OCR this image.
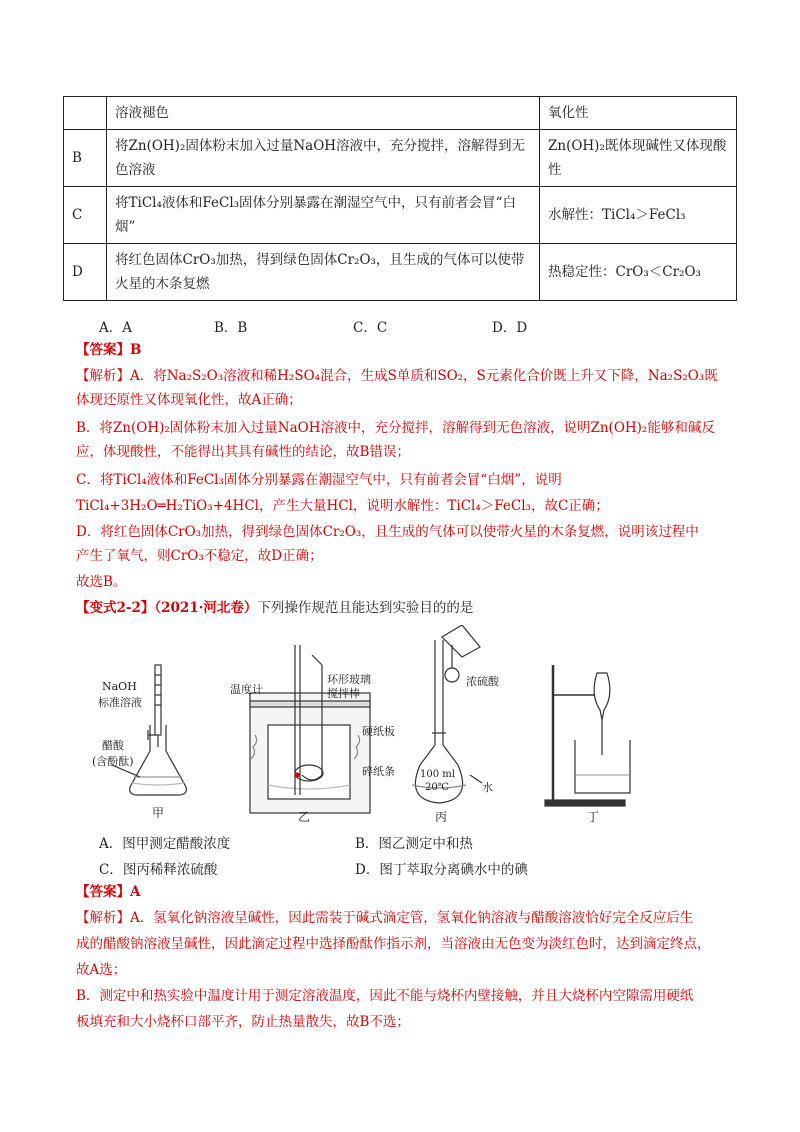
	溶液褪色	氧化性
B	将Zn(OH)₂固体粉末加入过量NaOH溶液中，充分搅拌，溶解得到无色溶液	Zn(OH)₂既体现碱性又体现酸性
C	将TiCl₄液体和FeCl₃固体分别暴露在潮湿空气中，只有前者会冒“白烟”	水解性：TiCl₄＞FeCl₃
D	将红色固体CrO₃加热，得到绿色固体Cr₂O₃，且生成的气体可以使带火星的木条复燃	热稳定性：CrO₃＜Cr₂O₃
A．A	B．B	C．C	D．D
【答案】B
【解析】A．将Na₂S₂O₃溶液和稀H₂SO₄混合，生成S单质和SO₂，S元素化合价既上升又下降，Na₂S₂O₃既
体现还原性又体现氧化性，故A正确；
B．将Zn(OH)₂固体粉末加入过量NaOH溶液中，充分搅拌，溶解得到无色溶液，说明Zn(OH)₂能够和碱反
应，体现酸性，不能得出其具有碱性的结论，故B错误；
C．将TiCl₄液体和FeCl₃固体分别暴露在潮湿空气中，只有前者会冒“白烟”，说明
TiCl₄+3H₂O═H₂TiO₃+4HCl，产生大量HCl，说明水解性：TiCl₄＞FeCl₃，故C正确；
D．将红色固体CrO₃加热，得到绿色固体Cr₂O₃，且生成的气体可以使带火星的木条复燃，说明该过程中
产生了氧气，则CrO₃不稳定，故D正确；
故选B。
【变式2-2】（2021·河北卷）下列操作规范且能达到实验目的的是
NaOH
标准溶液
醋酸
(含酚酞)
甲
温度计
环形玻璃
搅拌棒
硬纸板
碎纸条
乙
浓硫酸
100 ml
20℃	水
丙	丁
A．图甲测定醋酸浓度	B．图乙测定中和热
C．图丙稀释浓硫酸	D．图丁萃取分离碘水中的碘
【答案】A
【解析】A．氢氧化钠溶液呈碱性，因此需装于碱式滴定管，氢氧化钠溶液与醋酸溶液恰好完全反应后生
成的醋酸钠溶液呈碱性，因此滴定过程中选择酚酞作指示剂，当溶液由无色变为淡红色时，达到滴定终点，
故A选；
B．测定中和热实验中温度计用于测定溶液温度，因此不能与烧杯内壁接触，并且大烧杯内空隙需用硬纸
板填充和大小烧杯口部平齐，防止热量散失，故B不选；
